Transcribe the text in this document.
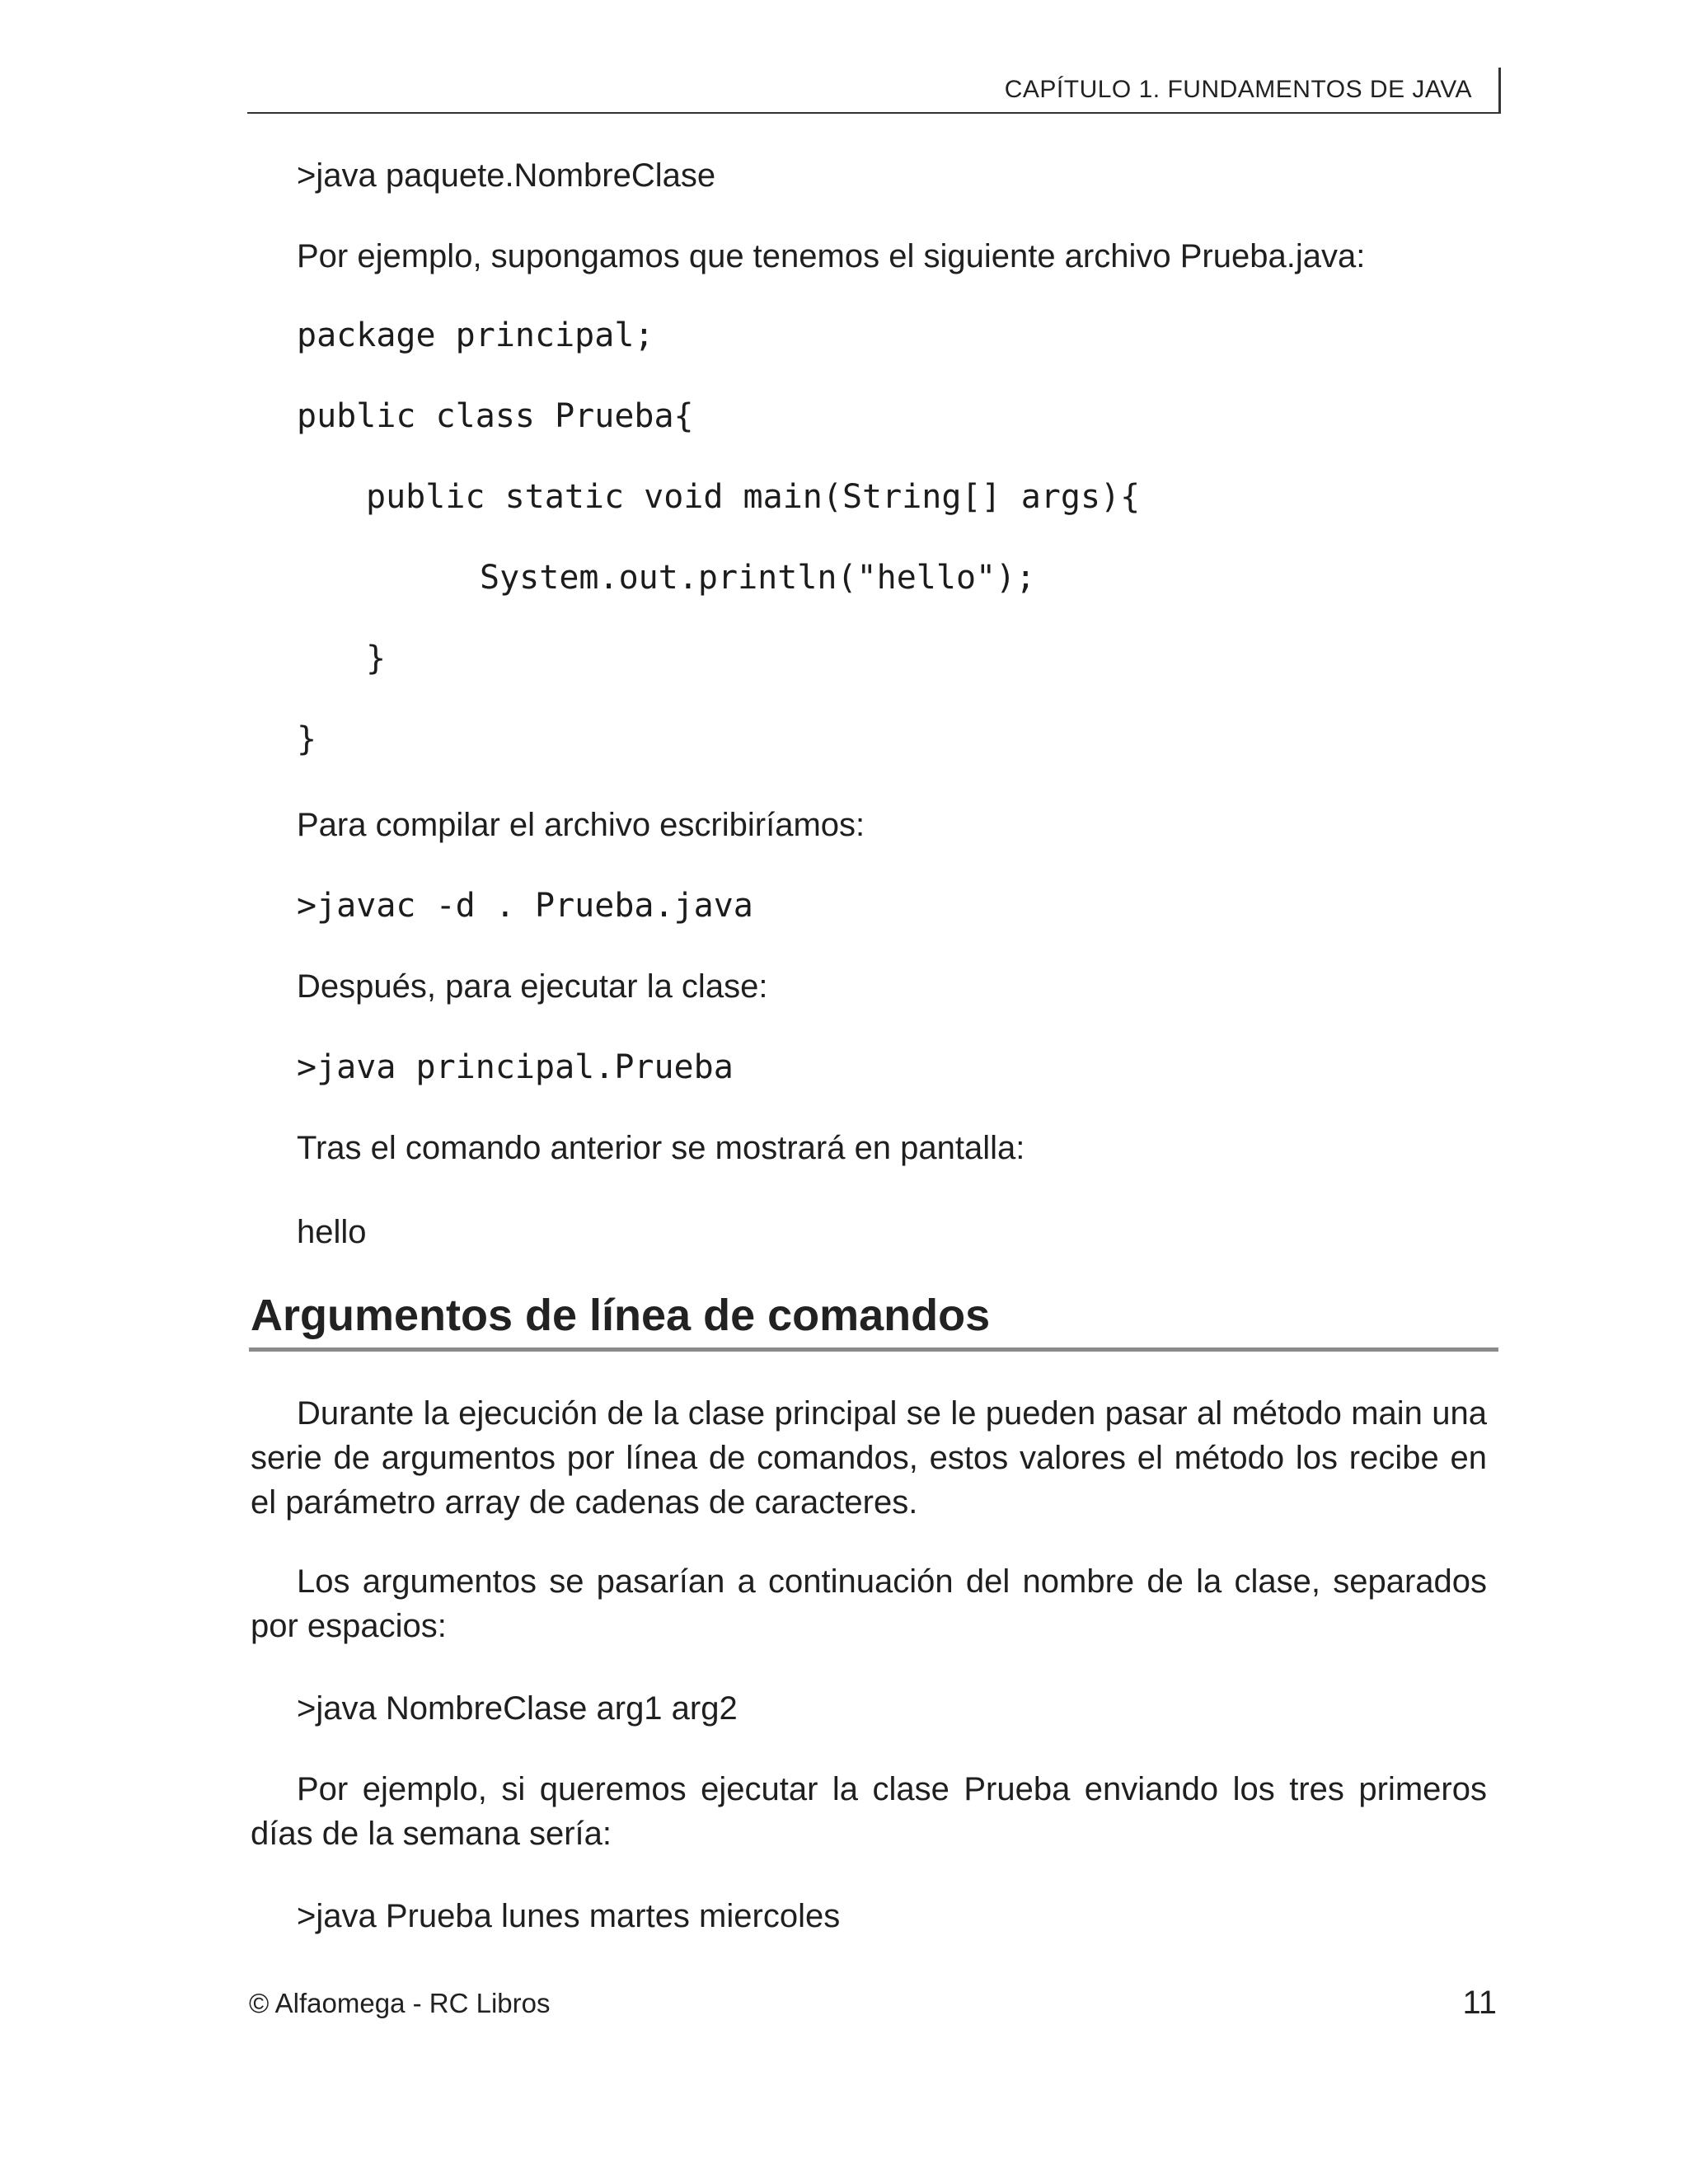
CAPÍTULO 1. FUNDAMENTOS DE JAVA
>java paquete.NombreClase
Por ejemplo, supongamos que tenemos el siguiente archivo Prueba.java:
package principal;
public class Prueba{
public static void main(String[] args){
System.out.println("hello");
}
}
Para compilar el archivo escribiríamos:
>javac -d . Prueba.java
Después, para ejecutar la clase:
>java principal.Prueba
Tras el comando anterior se mostrará en pantalla:
hello
Argumentos de línea de comandos
Durante la ejecución de la clase principal se le pueden pasar al método main una serie de argumentos por línea de comandos, estos valores el método los recibe en el parámetro array de cadenas de caracteres.
Los argumentos se pasarían a continuación del nombre de la clase, separados por espacios:
>java NombreClase arg1 arg2
Por ejemplo, si queremos ejecutar la clase Prueba enviando los tres primeros días de la semana sería:
>java Prueba lunes martes miercoles
© Alfaomega - RC Libros	11
